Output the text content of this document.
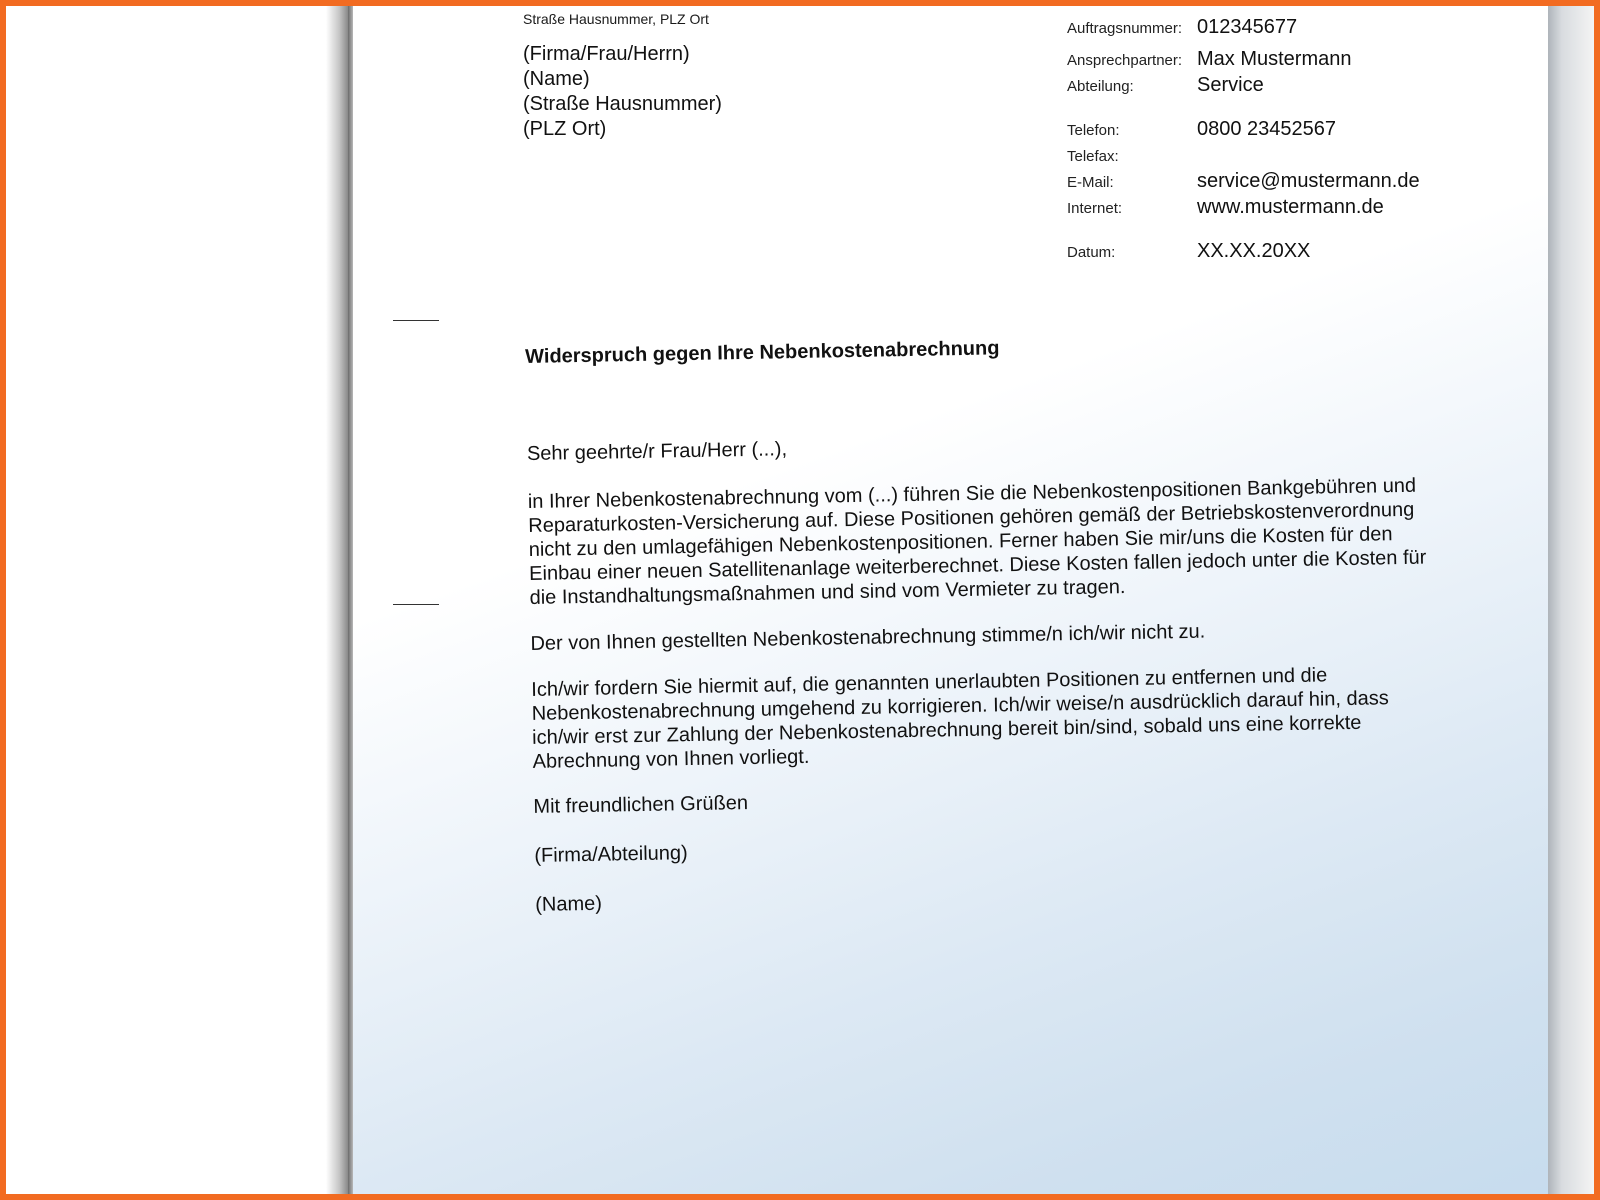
Straße Hausnummer, PLZ Ort
(Firma/Frau/Herrn)
(Name)
(Straße Hausnummer)
(PLZ Ort)
Auftragsnummer: 012345677
Ansprechpartner: Max Mustermann
Abteilung:	Service
Telefon:	0800 23452567
Telefax:
E-Mail:	service@mustermann.de
Internet:	www.mustermann.de
Datum:	XX.XX.20XX
Widerspruch gegen Ihre Nebenkostenabrechnung
Sehr geehrte/r Frau/Herr (...),
in Ihrer Nebenkostenabrechnung vom (...) führen Sie die Nebenkostenpositionen Bankgebühren und Reparaturkosten-Versicherung auf. Diese Positionen gehören gemäß der Betriebskostenverordnung nicht zu den umlagefähigen Nebenkostenpositionen. Ferner haben Sie mir/uns die Kosten für den Einbau einer neuen Satellitenanlage weiterberechnet. Diese Kosten fallen jedoch unter die Kosten für die Instandhaltungsmaßnahmen und sind vom Vermieter zu tragen.
Der von Ihnen gestellten Nebenkostenabrechnung stimme/n ich/wir nicht zu.
Ich/wir fordern Sie hiermit auf, die genannten unerlaubten Positionen zu entfernen und die Nebenkostenabrechnung umgehend zu korrigieren. Ich/wir weise/n ausdrücklich darauf hin, dass ich/wir erst zur Zahlung der Nebenkostenabrechnung bereit bin/sind, sobald uns eine korrekte Abrechnung von Ihnen vorliegt.
Mit freundlichen Grüßen
(Firma/Abteilung)
(Name)
